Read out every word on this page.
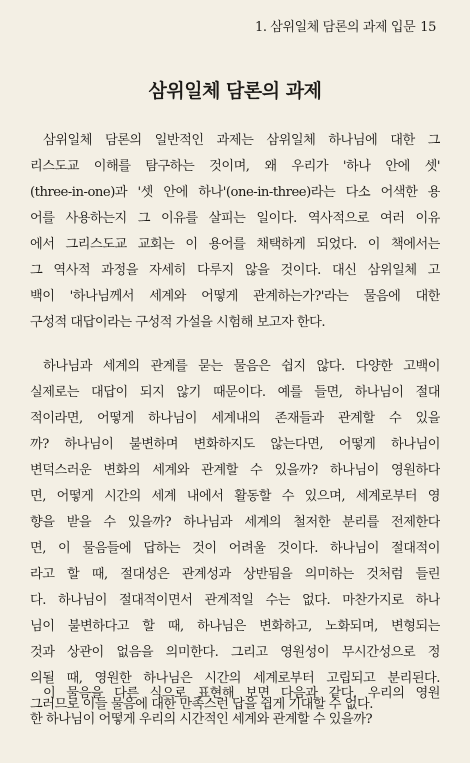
1. 삼위일체 담론의 과제 입문 15
삼위일체 담론의 과제
삼위일체 담론의 일반적인 과제는 삼위일체 하나님에 대한 그
리스도교 이해를 탐구하는 것이며, 왜 우리가 '하나 안에 셋'
(three-in-one)과 '셋 안에 하나'(one-in-three)라는 다소 어색한 용
어를 사용하는지 그 이유를 살피는 일이다. 역사적으로 여러 이유
에서 그리스도교 교회는 이 용어를 채택하게 되었다. 이 책에서는
그 역사적 과정을 자세히 다루지 않을 것이다. 대신 삼위일체 고
백이 '하나님께서 세계와 어떻게 관계하는가?'라는 물음에 대한
구성적 대답이라는 구성적 가설을 시험해 보고자 한다.
하나님과 세계의 관계를 묻는 물음은 쉽지 않다. 다양한 고백이
실제로는 대답이 되지 않기 때문이다. 예를 들면, 하나님이 절대
적이라면, 어떻게 하나님이 세계내의 존재들과 관계할 수 있을
까? 하나님이 불변하며 변화하지도 않는다면, 어떻게 하나님이
변덕스러운 변화의 세계와 관계할 수 있을까? 하나님이 영원하다
면, 어떻게 시간의 세계 내에서 활동할 수 있으며, 세계로부터 영
향을 받을 수 있을까? 하나님과 세계의 철저한 분리를 전제한다
면, 이 물음들에 답하는 것이 어려울 것이다. 하나님이 절대적이
라고 할 때, 절대성은 관계성과 상반됨을 의미하는 것처럼 들린
다. 하나님이 절대적이면서 관계적일 수는 없다. 마찬가지로 하나
님이 불변하다고 할 때, 하나님은 변화하고, 노화되며, 변형되는
것과 상관이 없음을 의미한다. 그리고 영원성이 무시간성으로 정
의될 때, 영원한 하나님은 시간의 세계로부터 고립되고 분리된다.
그러므로 이들 물음에 대한 만족스런 답을 쉽게 기대할 수 없다.
이 물음을 다른 식으로 표현해 보면 다음과 같다. 우리의 영원
한 하나님이 어떻게 우리의 시간적인 세계와 관계할 수 있을까?
